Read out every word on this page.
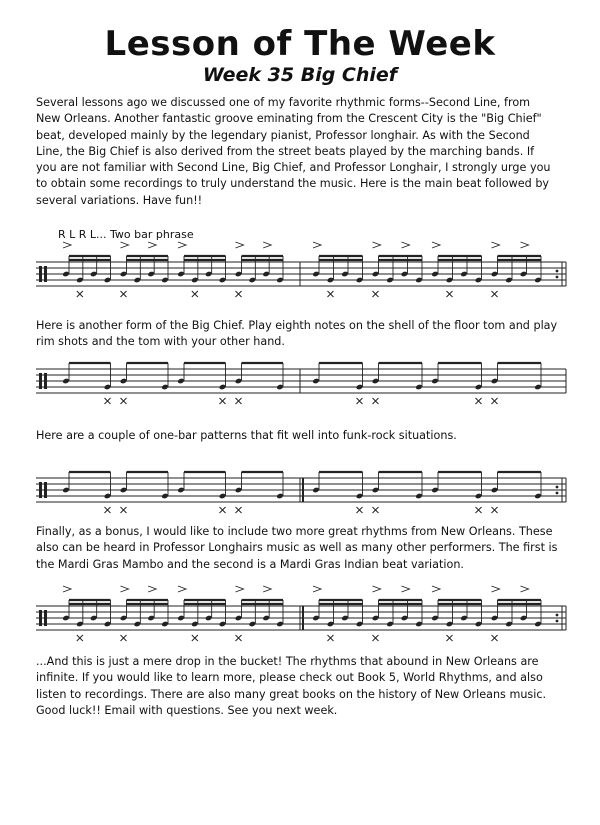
Lesson of The Week
Week 35 Big Chief

Several lessons ago we discussed one of my favorite rhythmic forms--Second Line, from New Orleans. Another fantastic groove eminating from the Crescent City is the "Big Chief" beat, developed mainly by the legendary pianist, Professor longhair. As with the Second Line, the Big Chief is also derived from the street beats played by the marching bands. If you are not familiar with Second Line, Big Chief, and Professor Longhair, I strongly urge you to obtain some recordings to truly understand the music. Here is the main beat followed by several variations. Have fun!!

R L R L... Two bar phrase

Here is another form of the Big Chief. Play eighth notes on the shell of the floor tom and play rim shots and the tom with your other hand.

Here are a couple of one-bar patterns that fit well into funk-rock situations.

Finally, as a bonus, I would like to include two more great rhythms from New Orleans. These also can be heard in Professor Longhairs music as well as many other performers. The first is the Mardi Gras Mambo and the second is a Mardi Gras Indian beat variation.

...And this is just a mere drop in the bucket! The rhythms that abound in New Orleans are infinite. If you would like to learn more, please check out Book 5, World Rhythms, and also listen to recordings. There are also many great books on the history of New Orleans music. Good luck!! Email with questions. See you next week.
